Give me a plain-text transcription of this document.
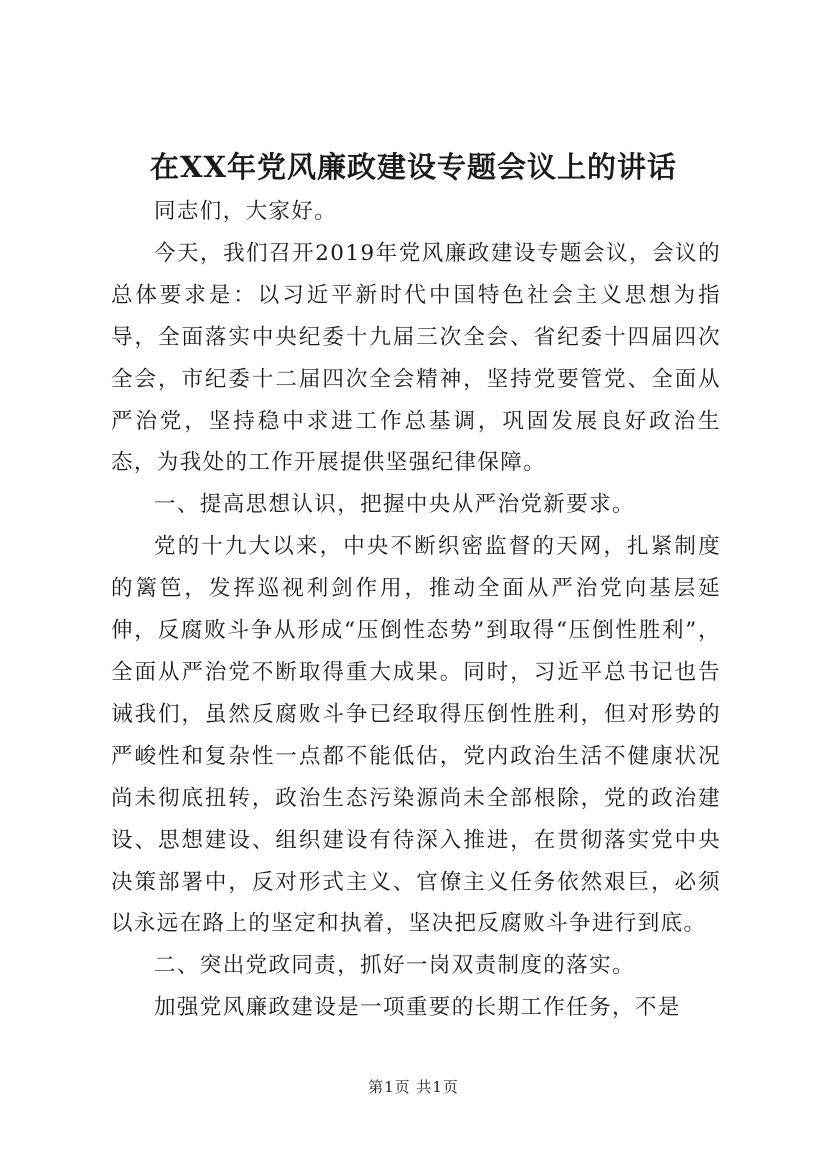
在XX年党风廉政建设专题会议上的讲话

同志们，大家好。

今天，我们召开2019年党风廉政建设专题会议，会议的总体要求是：以习近平新时代中国特色社会主义思想为指导，全面落实中央纪委十九届三次全会、省纪委十四届四次全会，市纪委十二届四次全会精神，坚持党要管党、全面从严治党，坚持稳中求进工作总基调，巩固发展良好政治生态，为我处的工作开展提供坚强纪律保障。

一、提高思想认识，把握中央从严治党新要求。

党的十九大以来，中央不断织密监督的天网，扎紧制度的篱笆，发挥巡视利剑作用，推动全面从严治党向基层延伸，反腐败斗争从形成“压倒性态势”到取得“压倒性胜利”，全面从严治党不断取得重大成果。同时，习近平总书记也告诫我们，虽然反腐败斗争已经取得压倒性胜利，但对形势的严峻性和复杂性一点都不能低估，党内政治生活不健康状况尚未彻底扭转，政治生态污染源尚未全部根除，党的政治建设、思想建设、组织建设有待深入推进，在贯彻落实党中央决策部署中，反对形式主义、官僚主义任务依然艰巨，必须以永远在路上的坚定和执着，坚决把反腐败斗争进行到底。

二、突出党政同责，抓好一岗双责制度的落实。

加强党风廉政建设是一项重要的长期工作任务，不是

第1页 共1页
